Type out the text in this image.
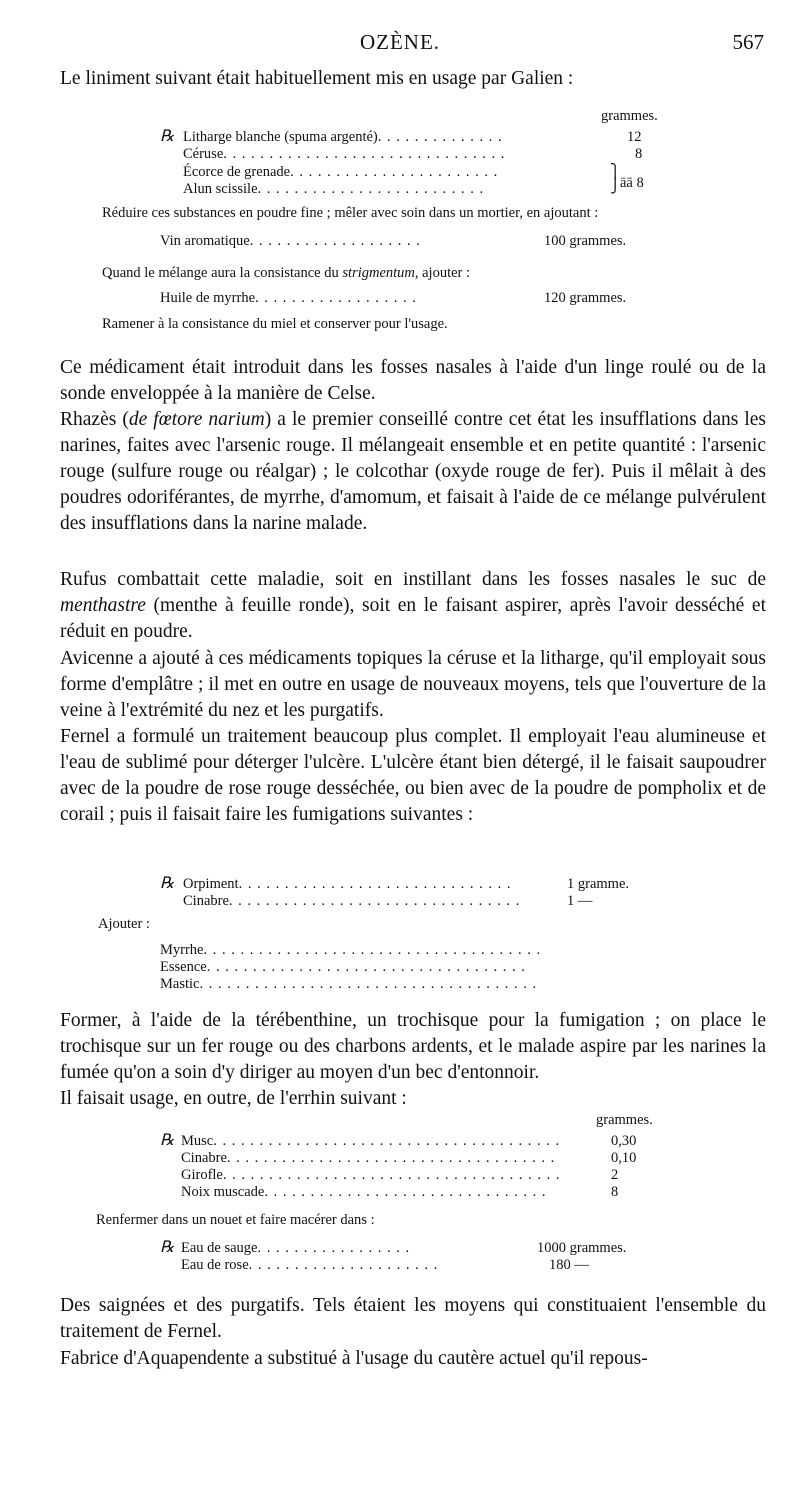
OZÈNE.	567
Le liniment suivant était habituellement mis en usage par Galien :
grammes.
℞ Litharge blanche (spuma argenté). . . . . . . . . . . . . .	12
Céruse. . . . . . . . . . . . . . . . . . . . . . . . . . . . . . .	8
Écorce de grenade. . . . . . . . . . . . . . . . . . . . . . .
Alun scissile. . . . . . . . . . . . . . . . . . . . . . . . .
⎫
⎭ āā 8
Réduire ces substances en poudre fine ; mêler avec soin dans un mortier, en ajoutant :
Vin aromatique. . . . . . . . . . . . . . . . . . .	100 grammes.
Quand le mélange aura la consistance du strigmentum, ajouter :
Huile de myrrhe. . . . . . . . . . . . . . . . . .	120 grammes.
Ramener à la consistance du miel et conserver pour l'usage.
Ce médicament était introduit dans les fosses nasales à l'aide d'un linge roulé ou de la sonde enveloppée à la manière de Celse.
Rhazès (de fœtore narium) a le premier conseillé contre cet état les insufflations dans les narines, faites avec l'arsenic rouge. Il mélangeait ensemble et en petite quantité : l'arsenic rouge (sulfure rouge ou réalgar) ; le colcothar (oxyde rouge de fer). Puis il mêlait à des poudres odoriférantes, de myrrhe, d'amomum, et faisait à l'aide de ce mélange pulvérulent des insufflations dans la narine malade.
Rufus combattait cette maladie, soit en instillant dans les fosses nasales le suc de menthastre (menthe à feuille ronde), soit en le faisant aspirer, après l'avoir desséché et réduit en poudre.
Avicenne a ajouté à ces médicaments topiques la céruse et la litharge, qu'il employait sous forme d'emplâtre ; il met en outre en usage de nouveaux moyens, tels que l'ouverture de la veine à l'extrémité du nez et les purgatifs.
Fernel a formulé un traitement beaucoup plus complet. Il employait l'eau alumineuse et l'eau de sublimé pour déterger l'ulcère. L'ulcère étant bien détergé, il le faisait saupoudrer avec de la poudre de rose rouge desséchée, ou bien avec de la poudre de pompholix et de corail ; puis il faisait faire les fumigations suivantes :
℞ Orpiment. . . . . . . . . . . . . . . . . . . . . . . . . . . . . .	1 gramme.
Cinabre. . . . . . . . . . . . . . . . . . . . . . . . . . . . . . . .	1 —
Ajouter :
Myrrhe. . . . . . . . . . . . . . . . . . . . . . . . . . . . . . . . . . . . .
Essence. . . . . . . . . . . . . . . . . . . . . . . . . . . . . . . . . . .
Mastic. . . . . . . . . . . . . . . . . . . . . . . . . . . . . . . . . . . . .
Former, à l'aide de la térébenthine, un trochisque pour la fumigation ; on place le trochisque sur un fer rouge ou des charbons ardents, et le malade aspire par les narines la fumée qu'on a soin d'y diriger au moyen d'un bec d'entonnoir.
Il faisait usage, en outre, de l'errhin suivant :
grammes.
℞ Musc. . . . . . . . . . . . . . . . . . . . . . . . . . . . . . . . . . . . . .	0,30
Cinabre. . . . . . . . . . . . . . . . . . . . . . . . . . . . . . . . . . . .	0,10
Girofle. . . . . . . . . . . . . . . . . . . . . . . . . . . . . . . . . . . . .	2
Noix muscade. . . . . . . . . . . . . . . . . . . . . . . . . . . . . . .	8
Renfermer dans un nouet et faire macérer dans :
℞ Eau de sauge. . . . . . . . . . . . . . . . .	1000 grammes.
Eau de rose. . . . . . . . . . . . . . . . . . . . .	180 —
Des saignées et des purgatifs. Tels étaient les moyens qui constituaient l'ensemble du traitement de Fernel.
Fabrice d'Aquapendente a substitué à l'usage du cautère actuel qu'il repous-
